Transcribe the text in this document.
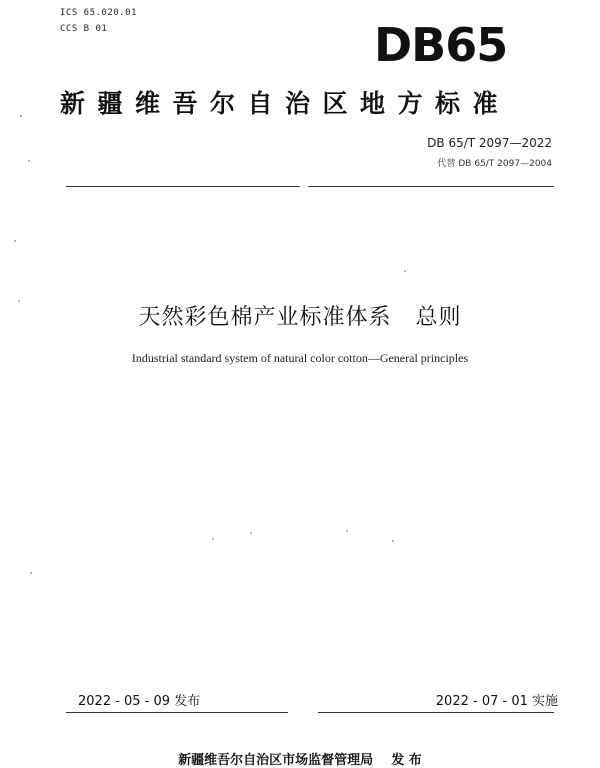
ICS 65.020.01
CCS B 01	DB65
新疆维吾尔自治区地方标准
DB 65/T 2097—2022
代替 DB 65/T 2097—2004
天然彩色棉产业标准体系   总则
Industrial standard system of natural color cotton—General principles
2022 - 05 - 09 发布	2022 - 07 - 01 实施
新疆维吾尔自治区市场监督管理局    发 布
